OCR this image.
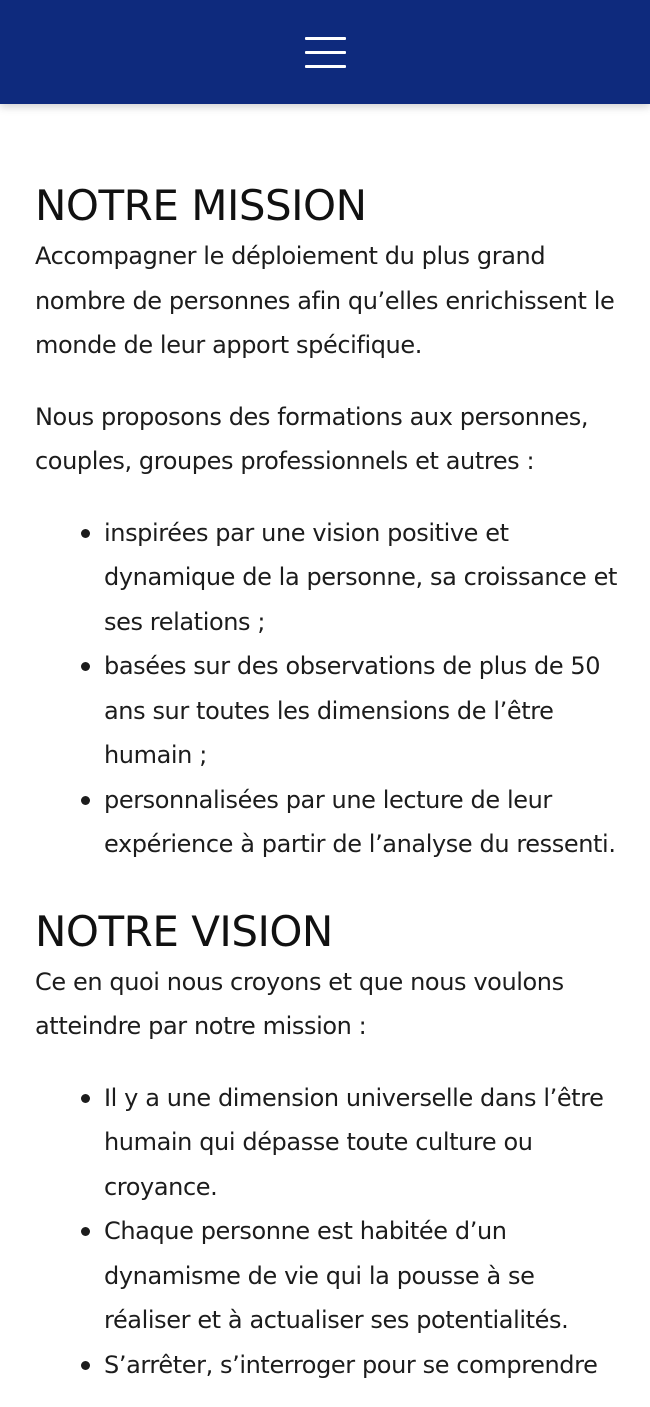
NOTRE MISSION

Accompagner le déploiement du plus grand nombre de personnes afin qu’elles enrichissent le monde de leur apport spécifique.

Nous proposons des formations aux personnes, couples, groupes professionnels et autres :

inspirées par une vision positive et dynamique de la personne, sa croissance et ses relations ;
basées sur des observations de plus de 50 ans sur toutes les dimensions de l’être humain ;
personnalisées par une lecture de leur expérience à partir de l’analyse du ressenti.
NOTRE VISION

Ce en quoi nous croyons et que nous voulons atteindre par notre mission :

Il y a une dimension universelle dans l’être humain qui dépasse toute culture ou croyance.
Chaque personne est habitée d’un dynamisme de vie qui la pousse à se réaliser et à actualiser ses potentialités.
S’arrêter, s’interroger pour se comprendre
